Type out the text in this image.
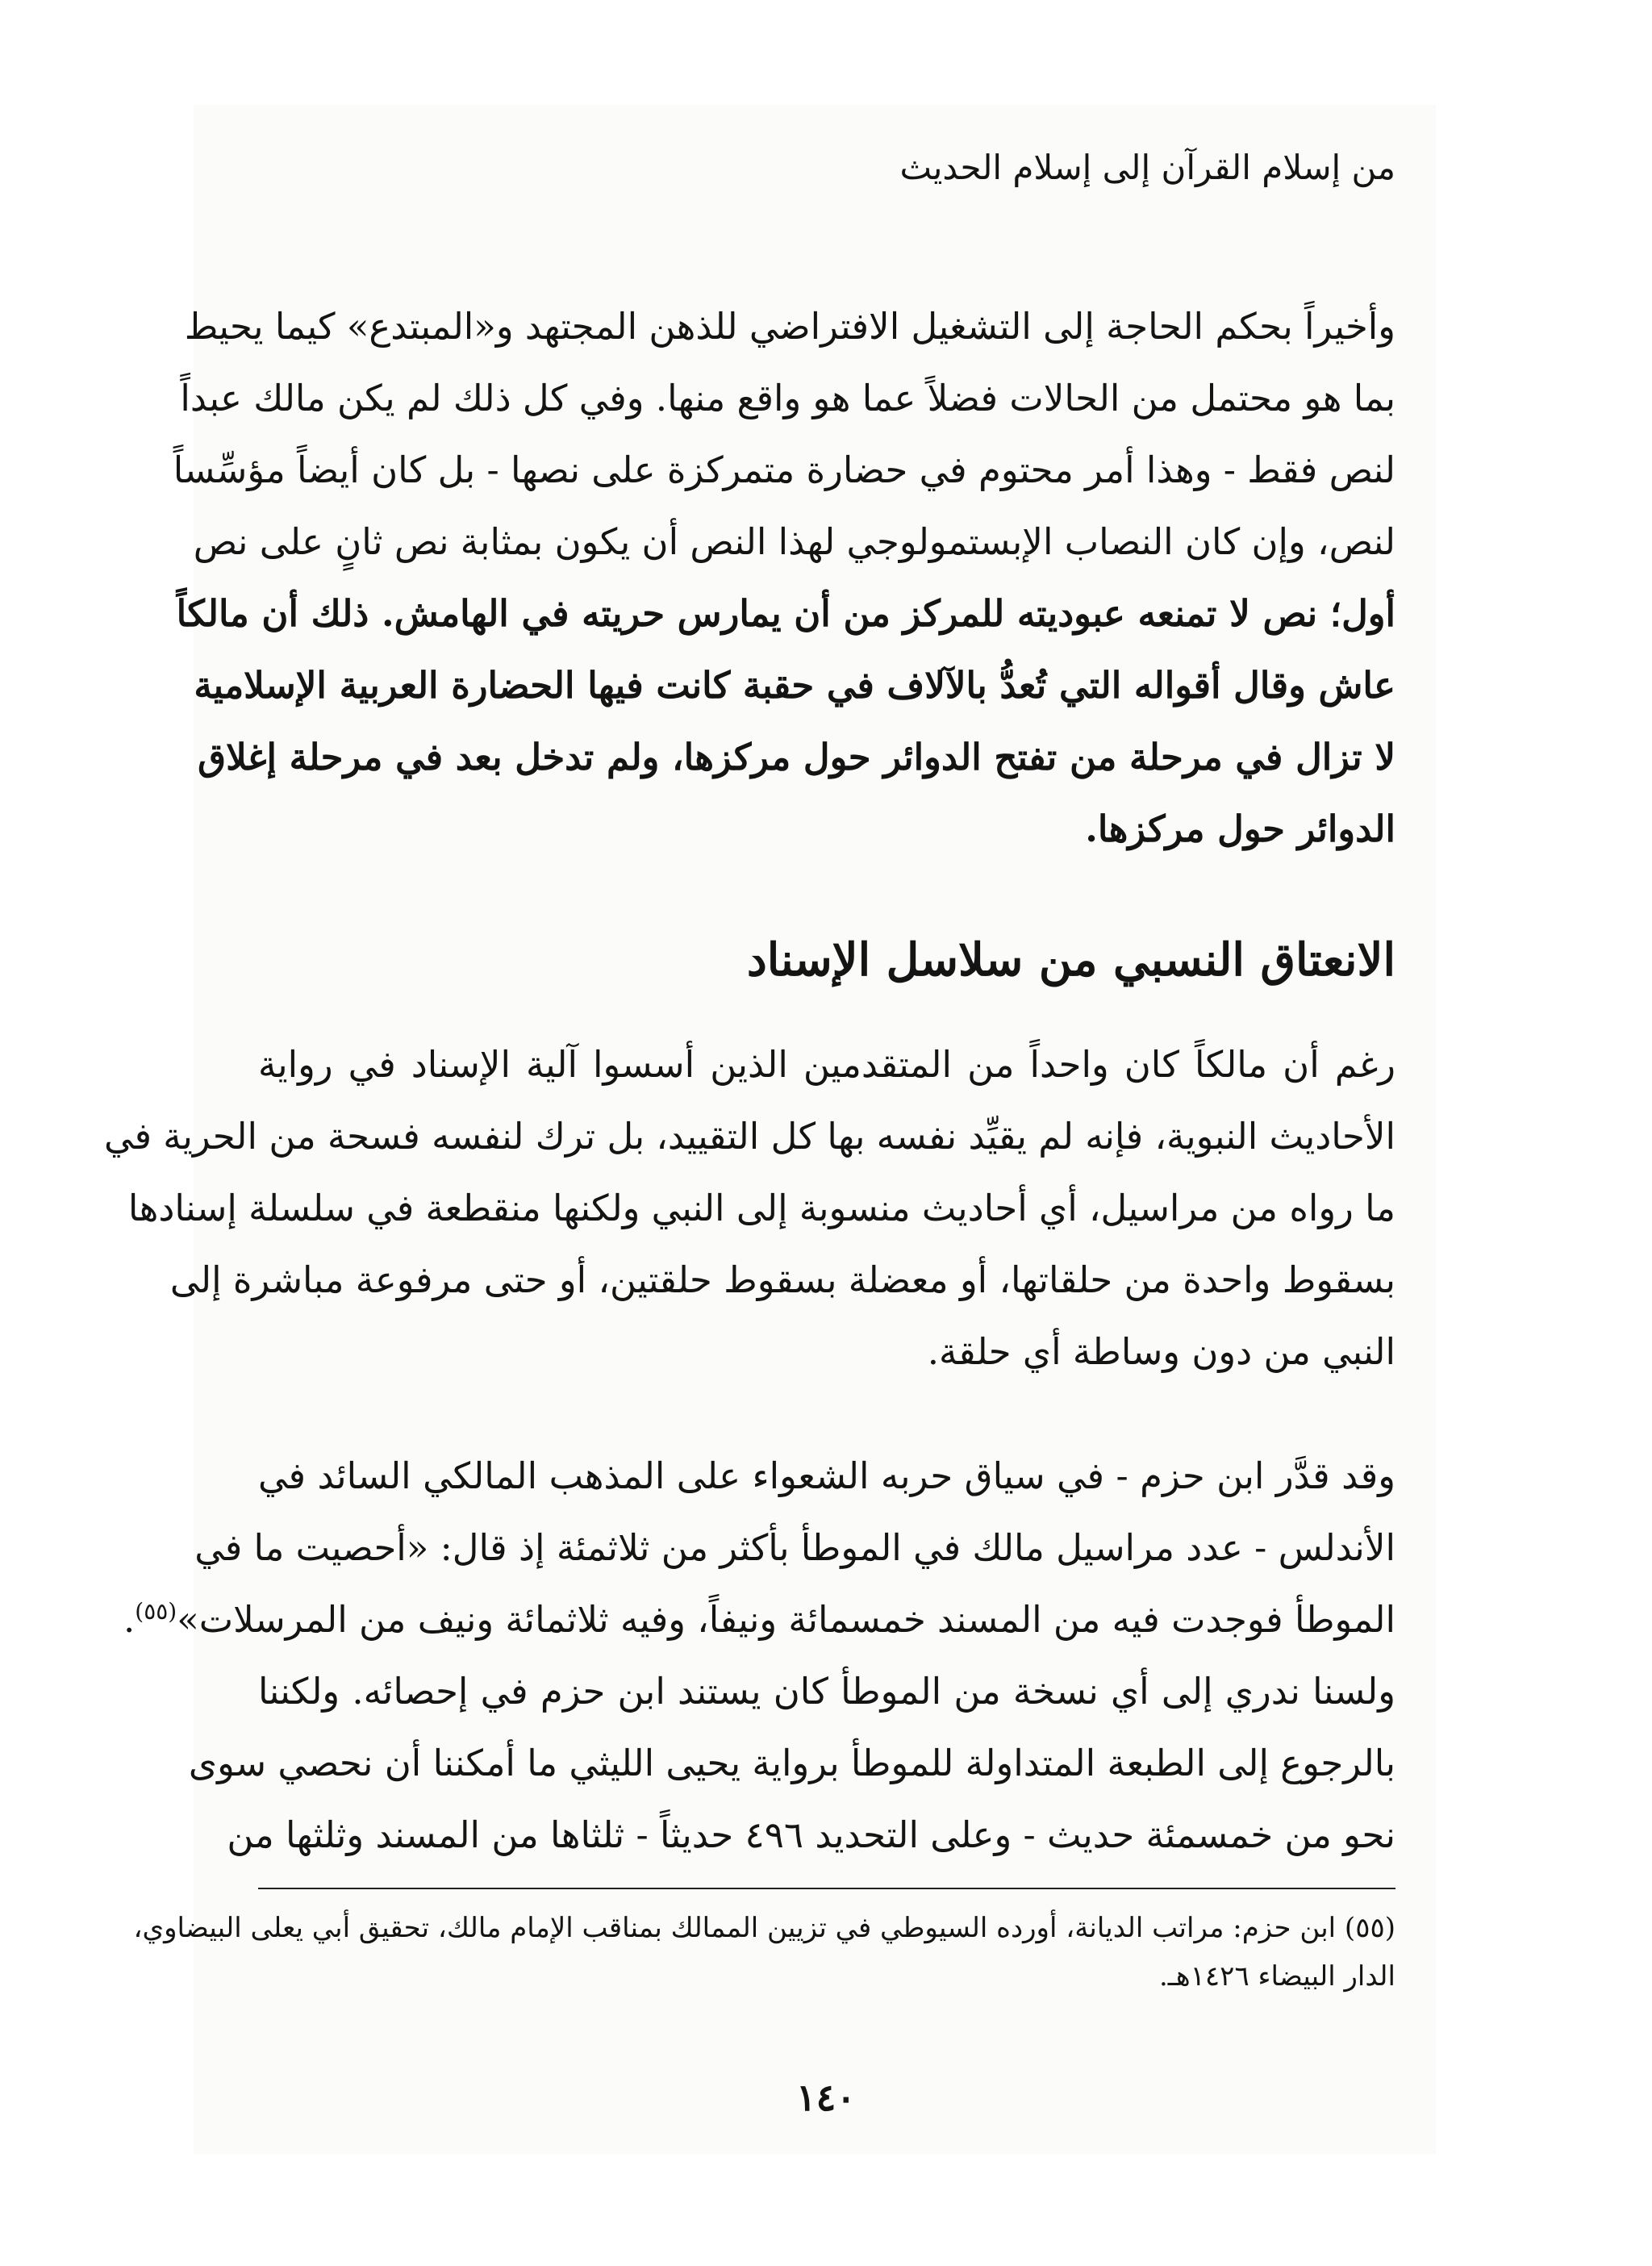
من إسلام القرآن إلى إسلام الحديث
وأخيراً بحكم الحاجة إلى التشغيل الافتراضي للذهن المجتهد و«المبتدع» كيما يحيط
بما هو محتمل من الحالات فضلاً عما هو واقع منها. وفي كل ذلك لم يكن مالك عبداً
لنص فقط - وهذا أمر محتوم في حضارة متمركزة على نصها - بل كان أيضاً مؤسِّساً
لنص، وإن كان النصاب الإبستمولوجي لهذا النص أن يكون بمثابة نص ثانٍ على نص
أول؛ نص لا تمنعه عبوديته للمركز من أن يمارس حريته في الهامش. ذلك أن مالكاً
عاش وقال أقواله التي تُعدُّ بالآلاف في حقبة كانت فيها الحضارة العربية الإسلامية
لا تزال في مرحلة من تفتح الدوائر حول مركزها، ولم تدخل بعد في مرحلة إغلاق
الدوائر حول مركزها.
الانعتاق النسبي من سلاسل الإسناد
رغم أن مالكاً كان واحداً من المتقدمين الذين أسسوا آلية الإسناد في رواية
الأحاديث النبوية، فإنه لم يقيِّد نفسه بها كل التقييد، بل ترك لنفسه فسحة من الحرية في
ما رواه من مراسيل، أي أحاديث منسوبة إلى النبي ولكنها منقطعة في سلسلة إسنادها
بسقوط واحدة من حلقاتها، أو معضلة بسقوط حلقتين، أو حتى مرفوعة مباشرة إلى
النبي من دون وساطة أي حلقة.
وقد قدَّر ابن حزم - في سياق حربه الشعواء على المذهب المالكي السائد في
الأندلس - عدد مراسيل مالك في الموطأ بأكثر من ثلاثمئة إذ قال: «أحصيت ما في
الموطأ فوجدت فيه من المسند خمسمائة ونيفاً، وفيه ثلاثمائة ونيف من المرسلات»$^{(٥٥)}$.
ولسنا ندري إلى أي نسخة من الموطأ كان يستند ابن حزم في إحصائه. ولكننا
بالرجوع إلى الطبعة المتداولة للموطأ برواية يحيى الليثي ما أمكننا أن نحصي سوى
نحو من خمسمئة حديث - وعلى التحديد ٤٩٦ حديثاً - ثلثاها من المسند وثلثها من
(٥٥) ابن حزم: مراتب الديانة، أورده السيوطي في تزيين الممالك بمناقب الإمام مالك، تحقيق أبي يعلى البيضاوي،
الدار البيضاء ١٤٢٦هـ.
١٤٠
